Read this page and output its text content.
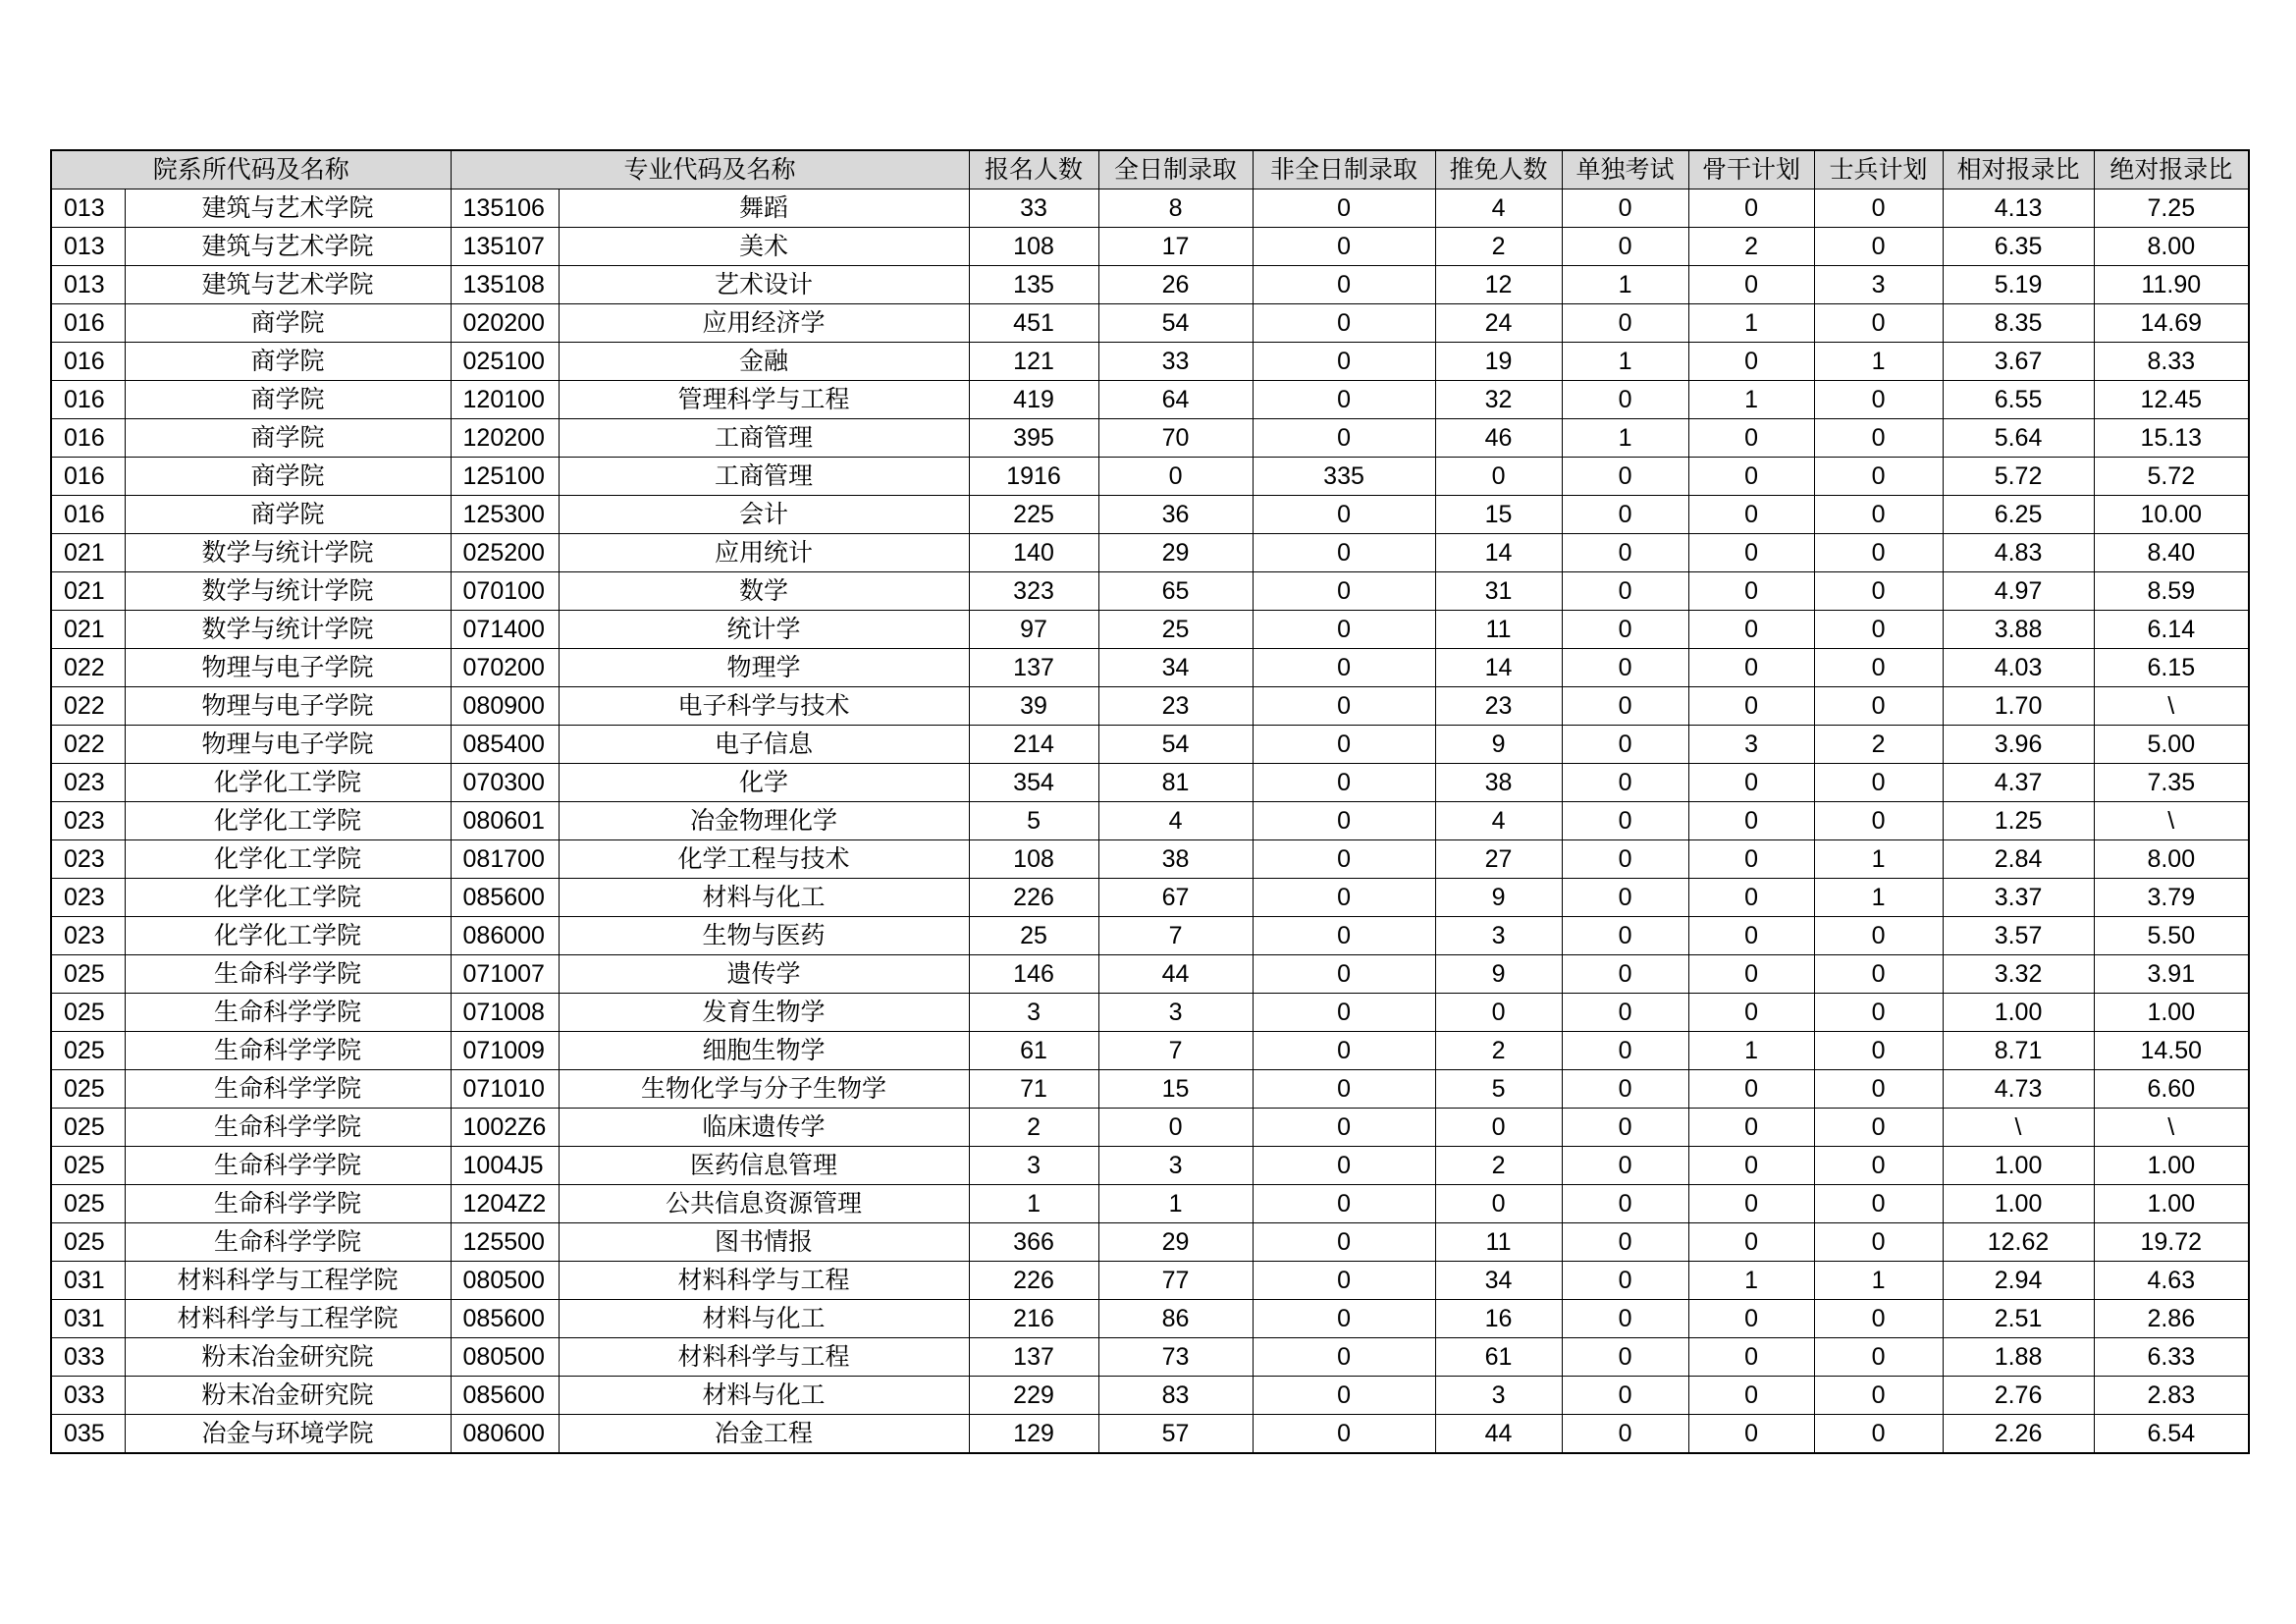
院系所代码及名称		专业代码及名称		报名人数	全日制录取	非全日制录取	推免人数	单独考试	骨干计划	士兵计划	相对报录比	绝对报录比
013	建筑与艺术学院	135106	舞蹈	33	8	0	4	0	0	0	4.13	7.25
013	建筑与艺术学院	135107	美术	108	17	0	2	0	2	0	6.35	8.00
013	建筑与艺术学院	135108	艺术设计	135	26	0	12	1	0	3	5.19	11.90
016	商学院	020200	应用经济学	451	54	0	24	0	1	0	8.35	14.69
016	商学院	025100	金融	121	33	0	19	1	0	1	3.67	8.33
016	商学院	120100	管理科学与工程	419	64	0	32	0	1	0	6.55	12.45
016	商学院	120200	工商管理	395	70	0	46	1	0	0	5.64	15.13
016	商学院	125100	工商管理	1916	0	335	0	0	0	0	5.72	5.72
016	商学院	125300	会计	225	36	0	15	0	0	0	6.25	10.00
021	数学与统计学院	025200	应用统计	140	29	0	14	0	0	0	4.83	8.40
021	数学与统计学院	070100	数学	323	65	0	31	0	0	0	4.97	8.59
021	数学与统计学院	071400	统计学	97	25	0	11	0	0	0	3.88	6.14
022	物理与电子学院	070200	物理学	137	34	0	14	0	0	0	4.03	6.15
022	物理与电子学院	080900	电子科学与技术	39	23	0	23	0	0	0	1.70	\
022	物理与电子学院	085400	电子信息	214	54	0	9	0	3	2	3.96	5.00
023	化学化工学院	070300	化学	354	81	0	38	0	0	0	4.37	7.35
023	化学化工学院	080601	冶金物理化学	5	4	0	4	0	0	0	1.25	\
023	化学化工学院	081700	化学工程与技术	108	38	0	27	0	0	1	2.84	8.00
023	化学化工学院	085600	材料与化工	226	67	0	9	0	0	1	3.37	3.79
023	化学化工学院	086000	生物与医药	25	7	0	3	0	0	0	3.57	5.50
025	生命科学学院	071007	遗传学	146	44	0	9	0	0	0	3.32	3.91
025	生命科学学院	071008	发育生物学	3	3	0	0	0	0	0	1.00	1.00
025	生命科学学院	071009	细胞生物学	61	7	0	2	0	1	0	8.71	14.50
025	生命科学学院	071010	生物化学与分子生物学	71	15	0	5	0	0	0	4.73	6.60
025	生命科学学院	1002Z6	临床遗传学	2	0	0	0	0	0	0	\	\
025	生命科学学院	1004J5	医药信息管理	3	3	0	2	0	0	0	1.00	1.00
025	生命科学学院	1204Z2	公共信息资源管理	1	1	0	0	0	0	0	1.00	1.00
025	生命科学学院	125500	图书情报	366	29	0	11	0	0	0	12.62	19.72
031	材料科学与工程学院	080500	材料科学与工程	226	77	0	34	0	1	1	2.94	4.63
031	材料科学与工程学院	085600	材料与化工	216	86	0	16	0	0	0	2.51	2.86
033	粉末冶金研究院	080500	材料科学与工程	137	73	0	61	0	0	0	1.88	6.33
033	粉末冶金研究院	085600	材料与化工	229	83	0	3	0	0	0	2.76	2.83
035	冶金与环境学院	080600	冶金工程	129	57	0	44	0	0	0	2.26	6.54
